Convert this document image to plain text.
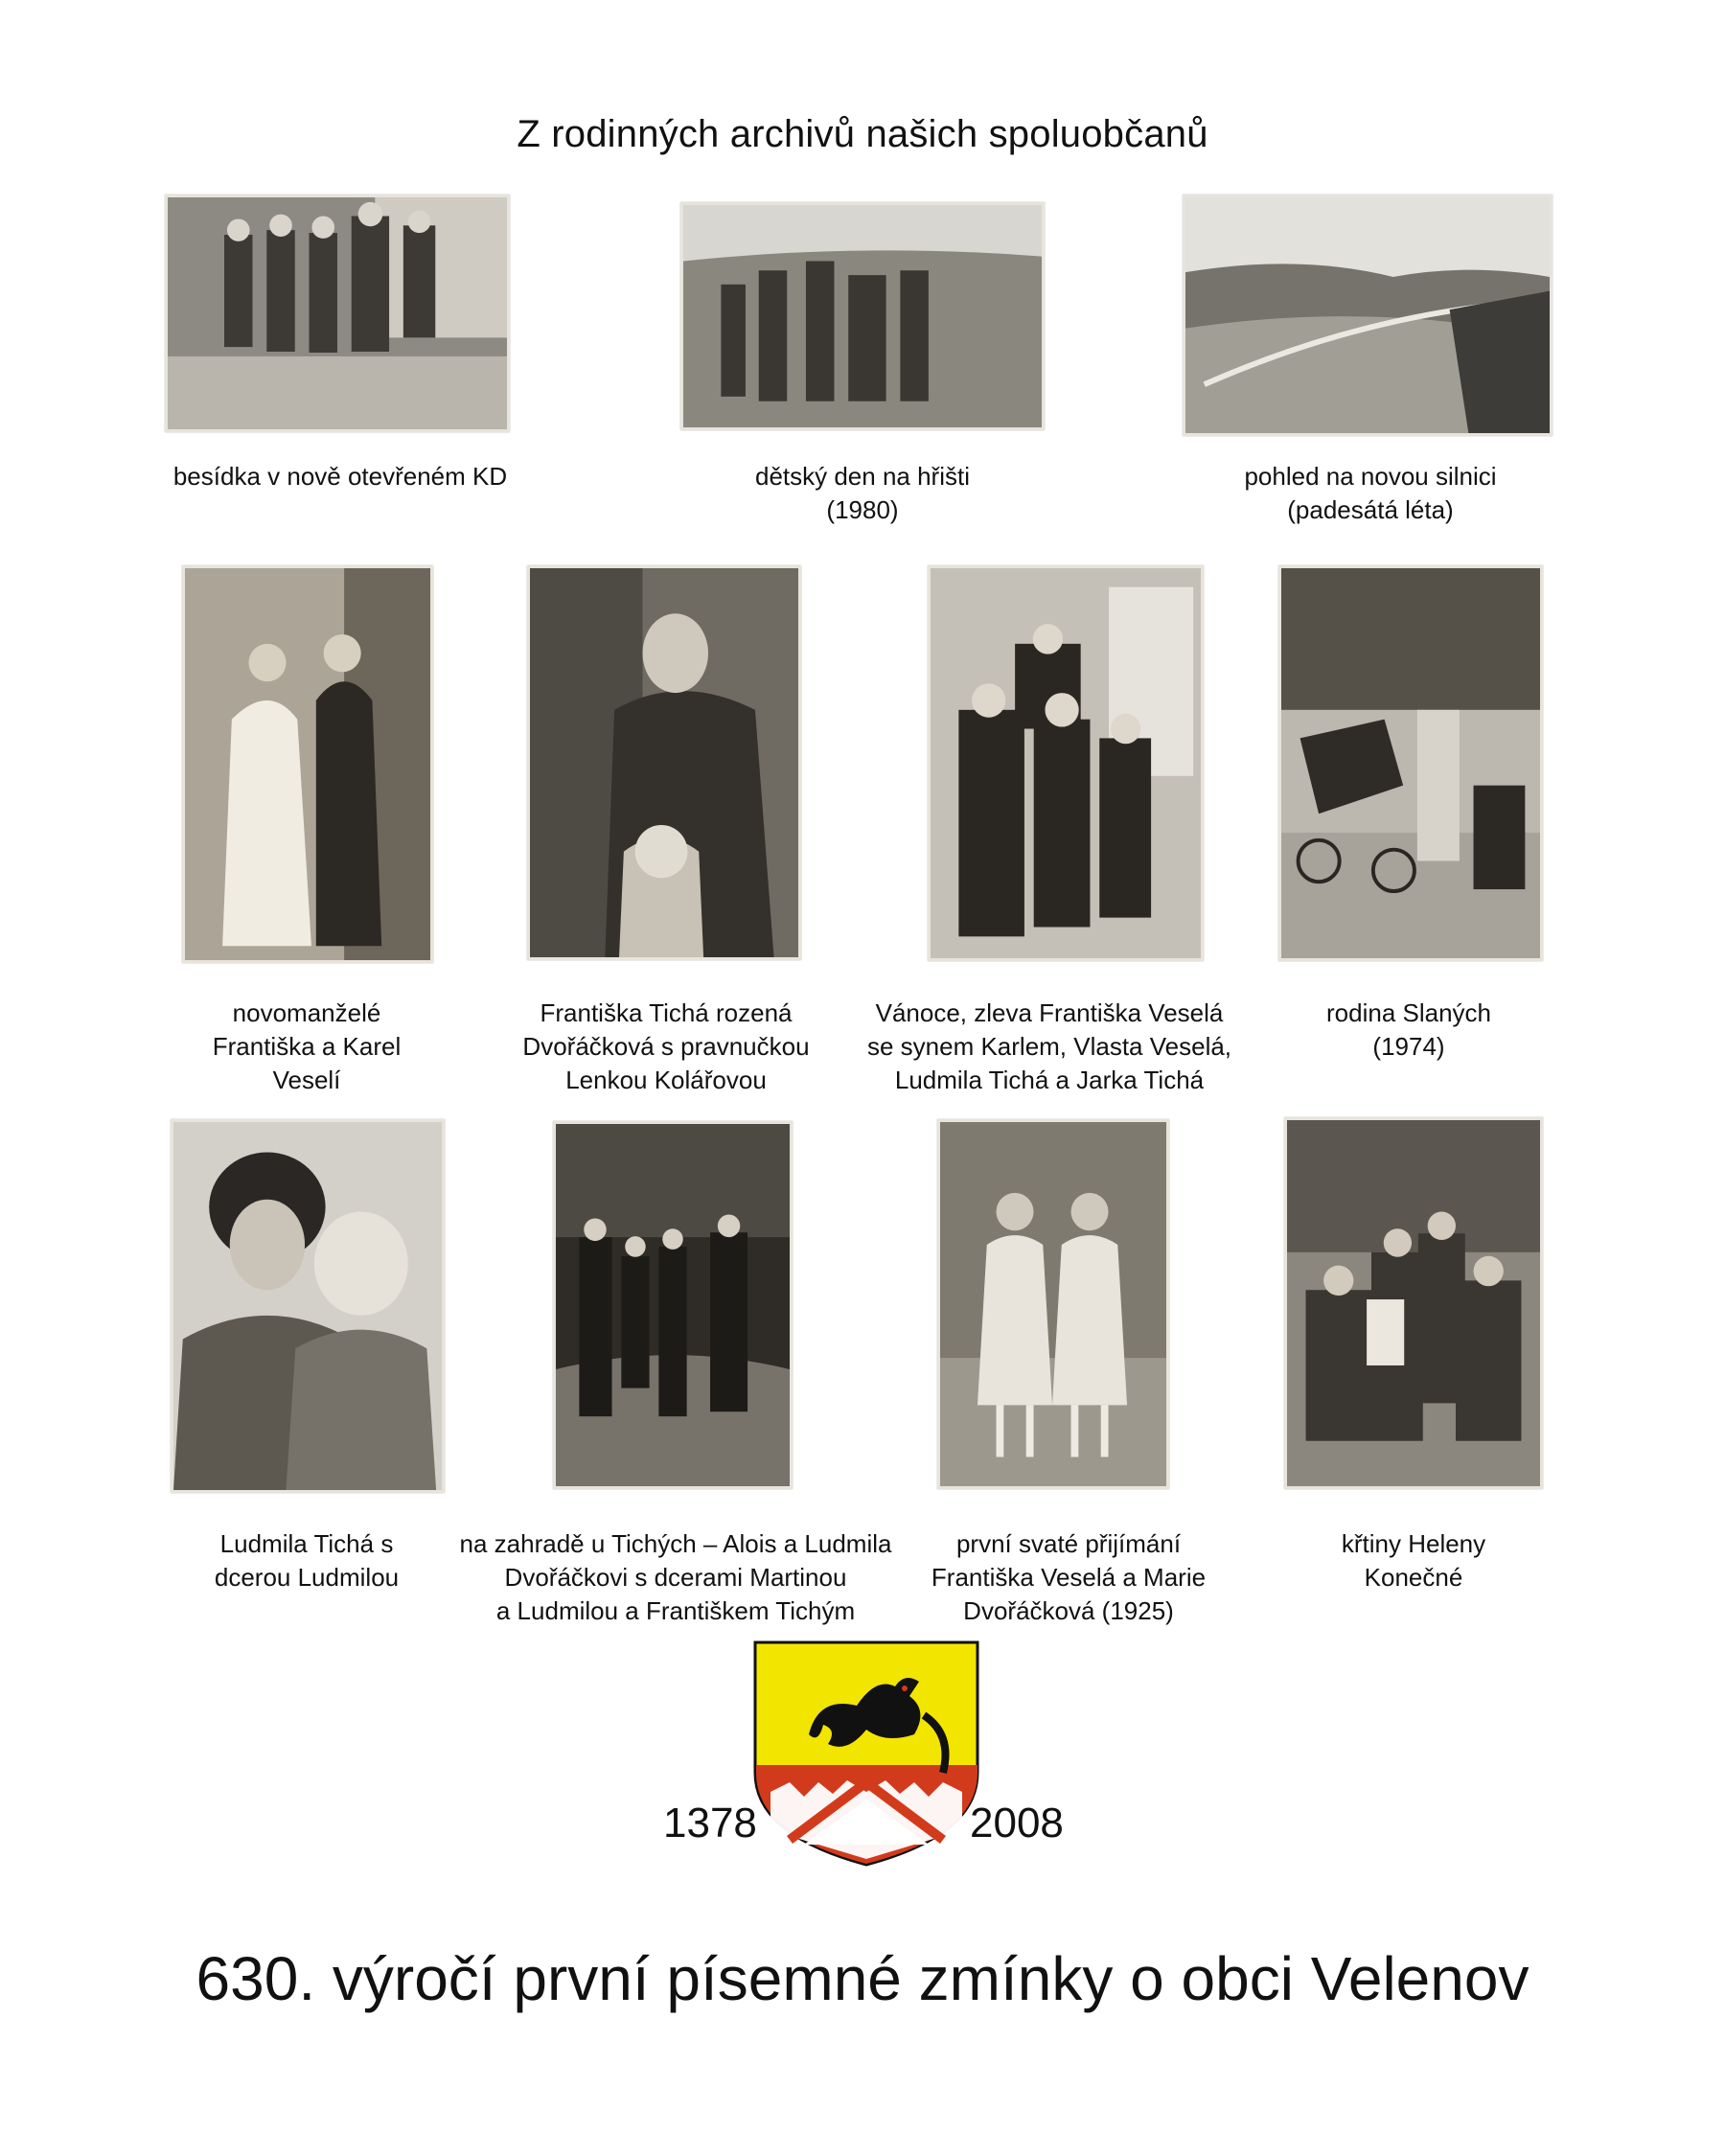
Z rodinných archivů našich spoluobčanů
besídka v nově otevřeném KD	dětský den na hřišti
(1980)
pohled na novou silnici
(padesátá léta)
novomanželé
Františka a Karel
Veselí
Františka Tichá rozená
Dvořáčková s pravnučkou
Lenkou Kolářovou
Vánoce, zleva Františka Veselá
se synem Karlem, Vlasta Veselá,
Ludmila Tichá a Jarka Tichá
rodina Slaných
(1974)
Ludmila Tichá s
dcerou Ludmilou
na zahradě u Tichých – Alois a Ludmila
Dvořáčkovi s dcerami Martinou
a Ludmilou a Františkem Tichým
první svaté přijímání
Františka Veselá a Marie
Dvořáčková (1925)
křtiny Heleny
Konečné
1378	2008
630. výročí první písemné zmínky o obci Velenov
